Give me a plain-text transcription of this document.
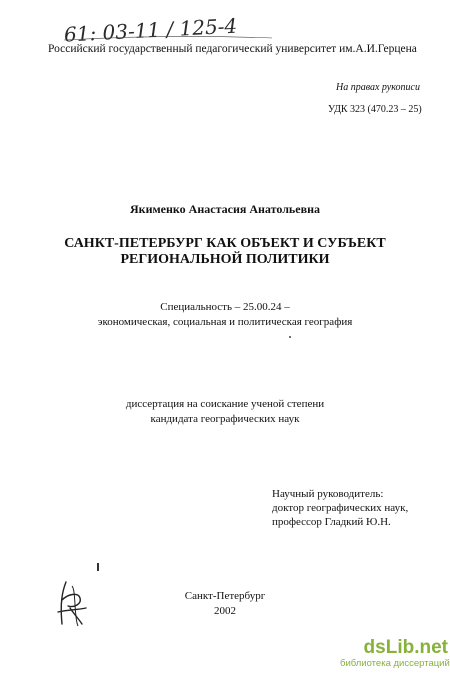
61: 03-11 / 125-4
Российский государственный педагогический университет им.А.И.Герцена
На правах рукописи
УДК 323 (470.23 – 25)
Якименко Анастасия Анатольевна
САНКТ-ПЕТЕРБУРГ КАК ОБЪЕКТ И СУБЪЕКТ
РЕГИОНАЛЬНОЙ ПОЛИТИКИ
Специальность – 25.00.24 –
экономическая, социальная и политическая география
диссертация на соискание ученой степени
кандидата географических наук
Научный руководитель:
доктор географических наук,
профессор Гладкий Ю.Н.
Санкт-Петербург
2002
dsLib.net
библиотека диссертаций
